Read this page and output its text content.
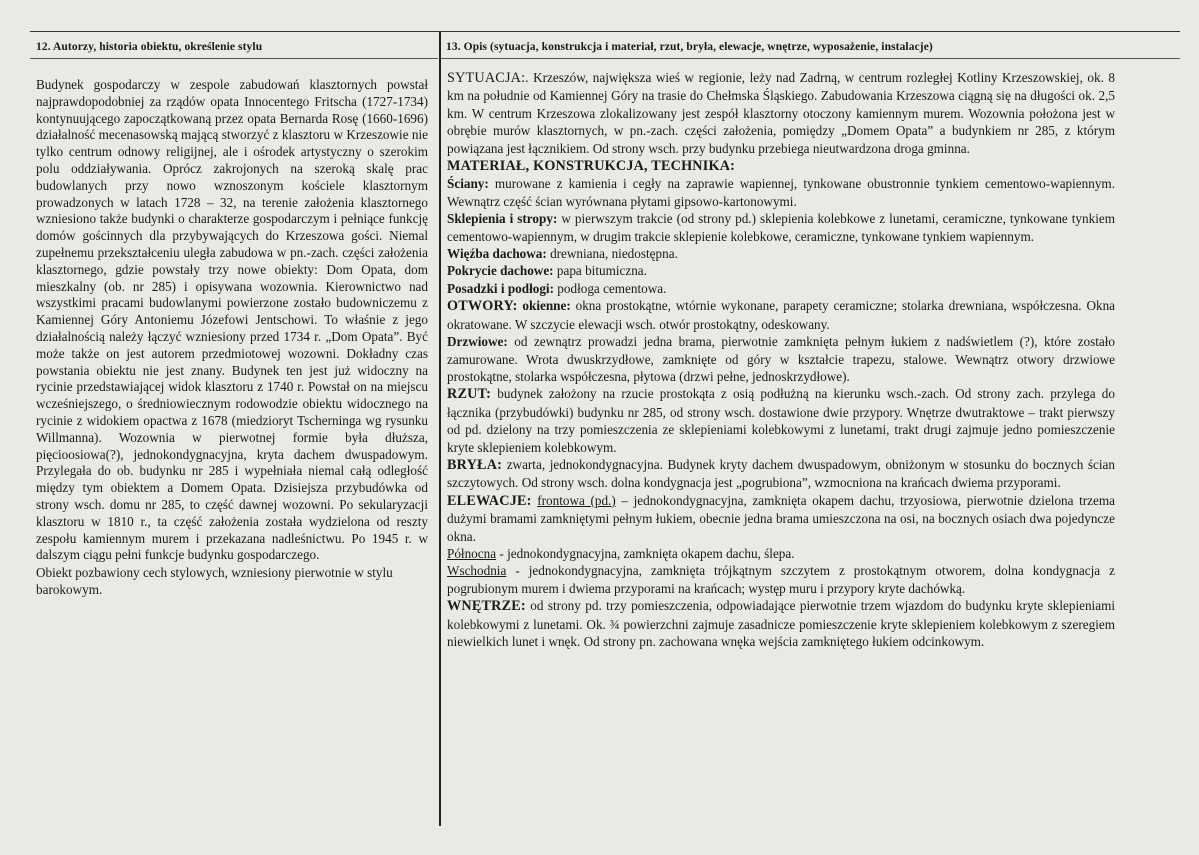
12. Autorzy, historia obiektu, określenie stylu	13. Opis (sytuacja, konstrukcja i materiał, rzut, bryła, elewacje, wnętrze, wyposażenie, instalacje)

Budynek gospodarczy w zespole zabudowań klasztornych powstał najprawdopodobniej za rządów opata Innocentego Fritscha (1727-1734) kontynuującego zapoczątkowaną przez opata Bernarda Rosę (1660-1696) działalność mecenasowską mającą stworzyć z klasztoru w Krzeszowie nie tylko centrum odnowy religijnej, ale i ośrodek artystyczny o szerokim polu oddziaływania. Oprócz zakrojonych na szeroką skalę prac budowlanych przy nowo wznoszonym kościele klasztornym prowadzonych w latach 1728 – 32, na terenie założenia klasztornego wzniesiono także budynki o charakterze gospodarczym i pełniące funkcję domów gościnnych dla przybywających do Krzeszowa gości. Niemal zupełnemu przekształceniu uległa zabudowa w pn.-zach. części założenia klasztornego, gdzie powstały trzy nowe obiekty: Dom Opata, dom mieszkalny (ob. nr 285) i opisywana wozownia. Kierownictwo nad wszystkimi pracami budowlanymi powierzone zostało budowniczemu z Kamiennej Góry Antoniemu Józefowi Jentschowi. To właśnie z jego działalnością należy łączyć wzniesiony przed 1734 r. „Dom Opata”. Być może także on jest autorem przedmiotowej wozowni. Dokładny czas powstania obiektu nie jest znany. Budynek ten jest już widoczny na rycinie przedstawiającej widok klasztoru z 1740 r. Powstał on na miejscu wcześniejszego, o średniowiecznym rodowodzie obiektu widocznego na rycinie z widokiem opactwa z 1678 (miedzioryt Tscherninga wg rysunku Willmanna). Wozownia w pierwotnej formie była dłuższa, pięcioosiowa(?), jednokondygnacyjna, kryta dachem dwuspadowym. Przylegała do ob. budynku nr 285 i wypełniała niemal całą odległość między tym obiektem a Domem Opata. Dzisiejsza przybudówka od strony wsch. domu nr 285, to część dawnej wozowni. Po sekularyzacji klasztoru w 1810 r., ta część założenia została wydzielona od reszty zespołu kamiennym murem i przekazana nadleśnictwu. Po 1945 r. w dalszym ciągu pełni funkcje budynku gospodarczego.

Obiekt pozbawiony cech stylowych, wzniesiony pierwotnie w stylu barokowym.

SYTUACJA:. Krzeszów, największa wieś w regionie, leży nad Zadrną, w centrum rozległej Kotliny Krzeszowskiej, ok. 8 km na południe od Kamiennej Góry na trasie do Chełmska Śląskiego. Zabudowania Krzeszowa ciągną się na długości ok. 2,5 km. W centrum Krzeszowa zlokalizowany jest zespół klasztorny otoczony kamiennym murem. Wozownia położona jest w obrębie murów klasztornych, w pn.-zach. części założenia, pomiędzy „Domem Opata” a budynkiem nr 285, z którym powiązana jest łącznikiem. Od strony wsch. przy budynku przebiega nieutwardzona droga gminna.

MATERIAŁ, KONSTRUKCJA, TECHNIKA:

Ściany: murowane z kamienia i cegły na zaprawie wapiennej, tynkowane obustronnie tynkiem cementowo-wapiennym. Wewnątrz część ścian wyrównana płytami gipsowo-kartonowymi.

Sklepienia i stropy: w pierwszym trakcie (od strony pd.) sklepienia kolebkowe z lunetami, ceramiczne, tynkowane tynkiem cementowo-wapiennym, w drugim trakcie sklepienie kolebkowe, ceramiczne, tynkowane tynkiem wapiennym.

Więźba dachowa: drewniana, niedostępna.

Pokrycie dachowe: papa bitumiczna.

Posadzki i podłogi: podłoga cementowa.

OTWORY: okienne: okna prostokątne, wtórnie wykonane, parapety ceramiczne; stolarka drewniana, współczesna. Okna okratowane. W szczycie elewacji wsch. otwór prostokątny, odeskowany.

Drzwiowe: od zewnątrz prowadzi jedna brama, pierwotnie zamknięta pełnym łukiem z nadświetlem (?), które zostało zamurowane. Wrota dwuskrzydłowe, zamknięte od góry w kształcie trapezu, stalowe. Wewnątrz otwory drzwiowe prostokątne, stolarka współczesna, płytowa (drzwi pełne, jednoskrzydłowe).

RZUT: budynek założony na rzucie prostokąta z osią podłużną na kierunku wsch.-zach. Od strony zach. przylega do łącznika (przybudówki) budynku nr 285, od strony wsch. dostawione dwie przypory. Wnętrze dwutraktowe – trakt pierwszy od pd. dzielony na trzy pomieszczenia ze sklepieniami kolebkowymi z lunetami, trakt drugi zajmuje jedno pomieszczenie kryte sklepieniem kolebkowym.

BRYŁA: zwarta, jednokondygnacyjna. Budynek kryty dachem dwuspadowym, obniżonym w stosunku do bocznych ścian szczytowych. Od strony wsch. dolna kondygnacja jest „pogrubiona”, wzmocniona na krańcach dwiema przyporami.

ELEWACJE: frontowa (pd.) – jednokondygnacyjna, zamknięta okapem dachu, trzyosiowa, pierwotnie dzielona trzema dużymi bramami zamkniętymi pełnym łukiem, obecnie jedna brama umieszczona na osi, na bocznych osiach dwa pojedyncze okna.

Północna - jednokondygnacyjna, zamknięta okapem dachu, ślepa.

Wschodnia - jednokondygnacyjna, zamknięta trójkątnym szczytem z prostokątnym otworem, dolna kondygnacja z pogrubionym murem i dwiema przyporami na krańcach; występ muru i przypory kryte dachówką.

WNĘTRZE: od strony pd. trzy pomieszczenia, odpowiadające pierwotnie trzem wjazdom do budynku kryte sklepieniami kolebkowymi z lunetami. Ok. ¾ powierzchni zajmuje zasadnicze pomieszczenie kryte sklepieniem kolebkowym z szeregiem niewielkich lunet i wnęk. Od strony pn. zachowana wnęka wejścia zamkniętego łukiem odcinkowym.
